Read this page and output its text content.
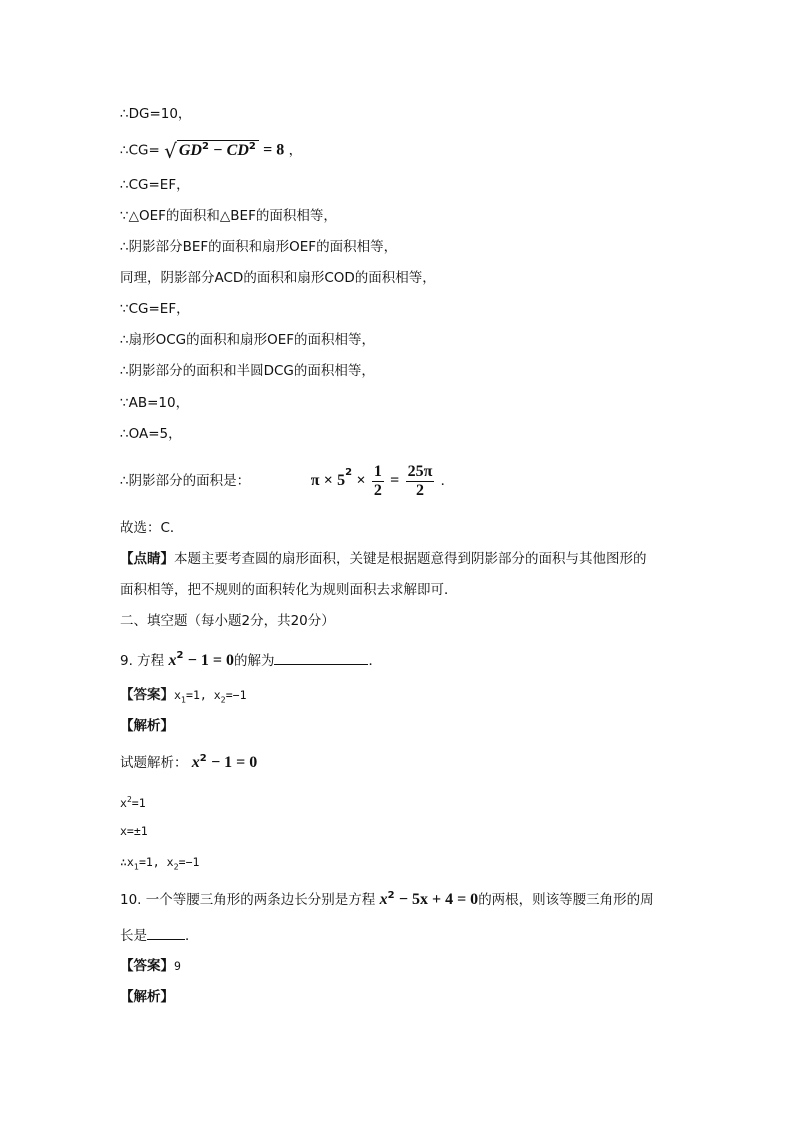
∴DG=10，
∴CG= √ $GD^2 - CD^2 = 8$ ，
∴CG=EF，
∵△OEF的面积和△BEF的面积相等，
∴阴影部分BEF的面积和扇形OEF的面积相等，
同理，阴影部分ACD的面积和扇形COD的面积相等，
∵CG=EF，
∴扇形OCG的面积和扇形OEF的面积相等，
∴阴影部分的面积和半圆DCG的面积相等，
∵AB=10，
∴OA=5，
∴阴影部分的面积是：	$\pi \times 5^2 \times \frac{1}{2} = \frac{25\pi}{2}$ ．
故选：C．
【点睛】本题主要考查圆的扇形面积，关键是根据题意得到阴影部分的面积与其他图形的
面积相等，把不规则的面积转化为规则面积去求解即可．
二、填空题（每小题2分，共20分）
9. 方程 $x^2 - 1 = 0$的解为	．
【答案】$x_1=1$, $x_2=-1$
【解析】
试题解析： $x^2 - 1 = 0$
$x^2=1$
x=±1
$\therefore x_1=1$, $x_2=-1$
10. 一个等腰三角形的两条边长分别是方程 $x^2 - 5x + 4 = 0$的两根，则该等腰三角形的周
长是	．
【答案】9
【解析】
